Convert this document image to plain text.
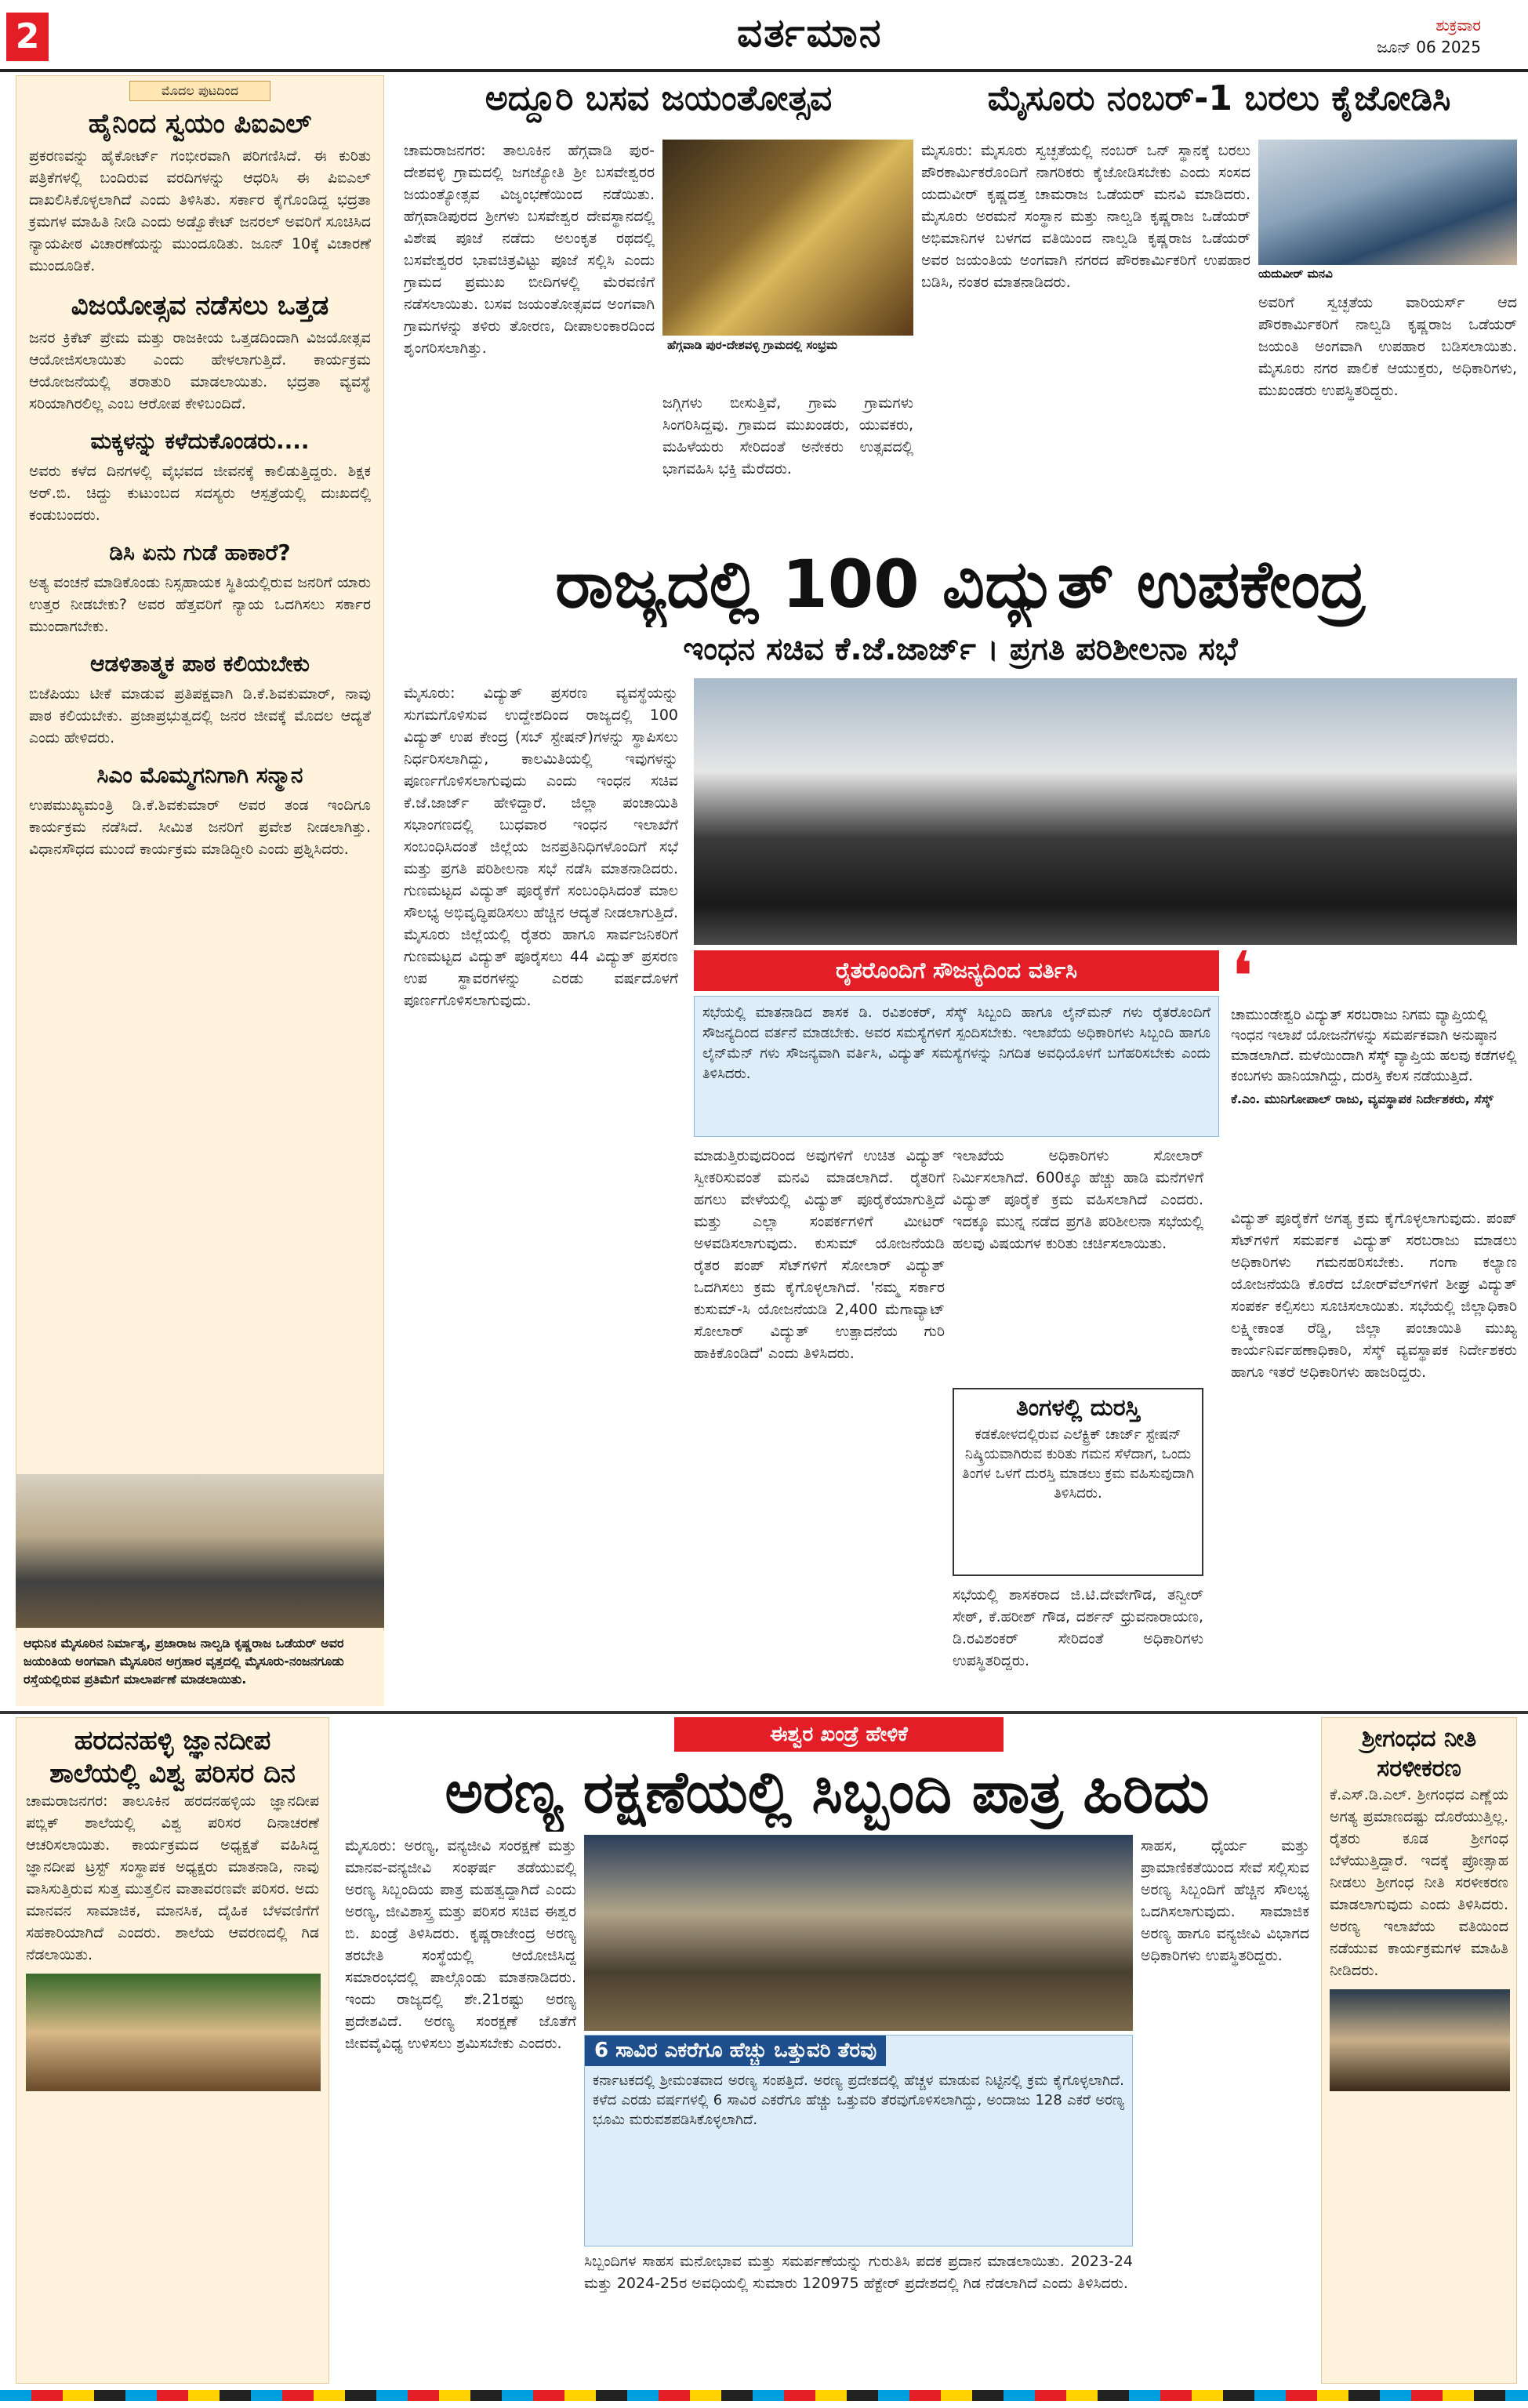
2	ವರ್ತಮಾನ	ಶುಕ್ರವಾರ
ಜೂನ್ 06 2025
ಮೊದಲ ಪುಟದಿಂದ
ಹೈನಿಂದ ಸ್ವಯಂ ಪಿಐಎಲ್

ಪ್ರಕರಣವನ್ನು ಹೈಕೋರ್ಟ್ ಗಂಭೀರವಾಗಿ ಪರಿಗಣಿಸಿದೆ. ಈ ಕುರಿತು ಪತ್ರಿಕೆಗಳಲ್ಲಿ ಬಂದಿರುವ ವರದಿಗಳನ್ನು ಆಧರಿಸಿ ಈ ಪಿಐಎಲ್ ದಾಖಲಿಸಿಕೊಳ್ಳಲಾಗಿದೆ ಎಂದು ತಿಳಿಸಿತು. ಸರ್ಕಾರ ಕೈಗೊಂಡಿದ್ದ ಭದ್ರತಾ ಕ್ರಮಗಳ ಮಾಹಿತಿ ನೀಡಿ ಎಂದು ಅಡ್ವೊಕೇಟ್ ಜನರಲ್ ಅವರಿಗೆ ಸೂಚಿಸಿದ ನ್ಯಾಯಪೀಠ ವಿಚಾರಣೆಯನ್ನು ಮುಂದೂಡಿತು. ಜೂನ್ 10ಕ್ಕೆ ವಿಚಾರಣೆ ಮುಂದೂಡಿಕೆ.

ವಿಜಯೋತ್ಸವ ನಡೆಸಲು ಒತ್ತಡ

ಜನರ ಕ್ರಿಕೆಟ್‌ ಪ್ರೇಮ ಮತ್ತು ರಾಜಕೀಯ ಒತ್ತಡದಿಂದಾಗಿ ವಿಜಯೋತ್ಸವ ಆಯೋಜಿಸಲಾಯಿತು ಎಂದು ಹೇಳಲಾಗುತ್ತಿದೆ. ಕಾರ್ಯಕ್ರಮ ಆಯೋಜನೆಯಲ್ಲಿ ತರಾತುರಿ ಮಾಡಲಾಯಿತು. ಭದ್ರತಾ ವ್ಯವಸ್ಥೆ ಸರಿಯಾಗಿರಲಿಲ್ಲ ಎಂಬ ಆರೋಪ ಕೇಳಿಬಂದಿದೆ.

ಮಕ್ಕಳನ್ನು ಕಳೆದುಕೊಂಡರು....

ಅವರು ಕಳೆದ ದಿನಗಳಲ್ಲಿ ವೈಭವದ ಜೀವನಕ್ಕೆ ಕಾಲಿಡುತ್ತಿದ್ದರು. ಶಿಕ್ಷಕ ಅರ್.ಬಿ. ಚಿದ್ದು ಕುಟುಂಬದ ಸದಸ್ಯರು ಆಸ್ಪತ್ರೆಯಲ್ಲಿ ದುಃಖದಲ್ಲಿ ಕಂಡುಬಂದರು.

ಡಿಸಿ ಏನು ಗುಡೆ ಹಾಕಾರೆ?

ಅತ್ಯ ವಂಚನೆ ಮಾಡಿಕೊಂಡು ನಿಸ್ಸಹಾಯಕ ಸ್ಥಿತಿಯಲ್ಲಿರುವ ಜನರಿಗೆ ಯಾರು ಉತ್ತರ ನೀಡಬೇಕು? ಅವರ ಹೆತ್ತವರಿಗೆ ನ್ಯಾಯ ಒದಗಿಸಲು ಸರ್ಕಾರ ಮುಂದಾಗಬೇಕು.

ಆಡಳಿತಾತ್ಮಕ ಪಾಠ ಕಲಿಯಬೇಕು

ಬಿಜೆಪಿಯು ಟೀಕೆ ಮಾಡುವ ಪ್ರತಿಪಕ್ಷವಾಗಿ ಡಿ.ಕೆ.ಶಿವಕುಮಾರ್, ನಾವು ಪಾಠ ಕಲಿಯಬೇಕು. ಪ್ರಜಾಪ್ರಭುತ್ವದಲ್ಲಿ ಜನರ ಜೀವಕ್ಕೆ ಮೊದಲ ಆದ್ಯತೆ ಎಂದು ಹೇಳಿದರು.

ಸಿಎಂ ಮೊಮ್ಮಗನಿಗಾಗಿ ಸನ್ಮಾನ

ಉಪಮುಖ್ಯಮಂತ್ರಿ ಡಿ.ಕೆ.ಶಿವಕುಮಾರ್ ಅವರ ತಂಡ ಇಂದಿಗೂ ಕಾರ್ಯಕ್ರಮ ನಡೆಸಿದೆ. ಸೀಮಿತ ಜನರಿಗೆ ಪ್ರವೇಶ ನೀಡಲಾಗಿತ್ತು. ವಿಧಾನಸೌಧದ ಮುಂದೆ ಕಾರ್ಯಕ್ರಮ ಮಾಡಿದ್ದೀರಿ ಎಂದು ಪ್ರಶ್ನಿಸಿದರು.

ಆಧುನಿಕ ಮೈಸೂರಿನ ನಿರ್ಮಾತೃ, ಪ್ರಜಾರಾಜ ನಾಲ್ವಡಿ ಕೃಷ್ಣರಾಜ ಒಡೆಯರ್ ಅವರ ಜಯಂತಿಯ ಅಂಗವಾಗಿ ಮೈಸೂರಿನ ಅಗ್ರಹಾರ ವೃತ್ತದಲ್ಲಿ ಮೈಸೂರು-ನಂಜನಗೂಡು ರಸ್ತೆಯಲ್ಲಿರುವ ಪ್ರತಿಮೆಗೆ ಮಾಲಾರ್ಪಣೆ ಮಾಡಲಾಯಿತು.
ಅದ್ದೂರಿ ಬಸವ ಜಯಂತೋತ್ಸವ
ಚಾಮರಾಜನಗರ: ತಾಲೂಕಿನ ಹೆಗ್ಗವಾಡಿ ಪುರ-ದೇಶವಳ್ಳಿ ಗ್ರಾಮದಲ್ಲಿ ಜಗಜ್ಯೋತಿ ಶ್ರೀ ಬಸವೇಶ್ವರರ ಜಯಂತ್ಯೋತ್ಸವ ವಿಜೃಂಭಣೆಯಿಂದ ನಡೆಯಿತು. ಹೆಗ್ಗವಾಡಿಪುರದ ಶ್ರೀಗಳು ಬಸವೇಶ್ವರ ದೇವಸ್ಥಾನದಲ್ಲಿ ವಿಶೇಷ ಪೂಜೆ ನಡೆದು ಅಲಂಕೃತ ರಥದಲ್ಲಿ ಬಸವೇಶ್ವರರ ಭಾವಚಿತ್ರವಿಟ್ಟು ಪೂಜೆ ಸಲ್ಲಿಸಿ ಎಂದು ಗ್ರಾಮದ ಪ್ರಮುಖ ಬೀದಿಗಳಲ್ಲಿ ಮೆರವಣಿಗೆ ನಡೆಸಲಾಯಿತು. ಬಸವ ಜಯಂತೋತ್ಸವದ ಅಂಗವಾಗಿ ಗ್ರಾಮಗಳನ್ನು ತಳಿರು ತೋರಣ, ದೀಪಾಲಂಕಾರದಿಂದ ಶೃಂಗರಿಸಲಾಗಿತ್ತು.	ಹೆಗ್ಗವಾಡಿ ಪುರ-ದೇಶವಳ್ಳಿ ಗ್ರಾಮದಲ್ಲಿ ಸಂಭ್ರಮ
ಜಗ್ಗಿಗಳು ಬೀಸುತ್ತಿವೆ, ಗ್ರಾಮ ಗ್ರಾಮಗಳು ಸಿಂಗರಿಸಿದ್ದವು. ಗ್ರಾಮದ ಮುಖಂಡರು, ಯುವಕರು, ಮಹಿಳೆಯರು ಸೇರಿದಂತೆ ಅನೇಕರು ಉತ್ಸವದಲ್ಲಿ ಭಾಗವಹಿಸಿ ಭಕ್ತಿ ಮೆರೆದರು.
ಮೈಸೂರು ನಂಬರ್-1 ಬರಲು ಕೈಜೋಡಿಸಿ
ಮೈಸೂರು: ಮೈಸೂರು ಸ್ವಚ್ಛತೆಯಲ್ಲಿ ನಂಬರ್ ಒನ್ ಸ್ಥಾನಕ್ಕೆ ಬರಲು ಪೌರಕಾರ್ಮಿಕರೊಂದಿಗೆ ನಾಗರಿಕರು ಕೈಜೋಡಿಸಬೇಕು ಎಂದು ಸಂಸದ ಯದುವೀರ್ ಕೃಷ್ಣದತ್ತ ಚಾಮರಾಜ ಒಡೆಯರ್ ಮನವಿ ಮಾಡಿದರು. ಮೈಸೂರು ಅರಮನೆ ಸಂಸ್ಥಾನ ಮತ್ತು ನಾಲ್ವಡಿ ಕೃಷ್ಣರಾಜ ಒಡೆಯರ್ ಅಭಿಮಾನಿಗಳ ಬಳಗದ ವತಿಯಿಂದ ನಾಲ್ವಡಿ ಕೃಷ್ಣರಾಜ ಒಡೆಯರ್ ಅವರ ಜಯಂತಿಯ ಅಂಗವಾಗಿ ನಗರದ ಪೌರಕಾರ್ಮಿಕರಿಗೆ ಉಪಹಾರ ಬಡಿಸಿ, ನಂತರ ಮಾತನಾಡಿದರು.	ಯದುವೀರ್ ಮನವಿ
ಅವರಿಗೆ ಸ್ವಚ್ಛತೆಯ ವಾರಿಯರ್ಸ್ ಆದ ಪೌರಕಾರ್ಮಿಕರಿಗೆ ನಾಲ್ವಡಿ ಕೃಷ್ಣರಾಜ ಒಡೆಯರ್ ಜಯಂತಿ ಅಂಗವಾಗಿ ಉಪಹಾರ ಬಡಿಸಲಾಯಿತು. ಮೈಸೂರು ನಗರ ಪಾಲಿಕೆ ಆಯುಕ್ತರು, ಅಧಿಕಾರಿಗಳು, ಮುಖಂಡರು ಉಪಸ್ಥಿತರಿದ್ದರು.
ರಾಜ್ಯದಲ್ಲಿ 100 ವಿದ್ಯುತ್ ಉಪಕೇಂದ್ರ
ಇಂಧನ ಸಚಿವ ಕೆ.ಜೆ.ಜಾರ್ಜ್ । ಪ್ರಗತಿ ಪರಿಶೀಲನಾ ಸಭೆ
ಮೈಸೂರು: ವಿದ್ಯುತ್ ಪ್ರಸರಣ ವ್ಯವಸ್ಥೆಯನ್ನು ಸುಗಮಗೊಳಿಸುವ ಉದ್ದೇಶದಿಂದ ರಾಜ್ಯದಲ್ಲಿ 100 ವಿದ್ಯುತ್ ಉಪ ಕೇಂದ್ರ (ಸಬ್ ಸ್ಟೇಷನ್)ಗಳನ್ನು ಸ್ಥಾಪಿಸಲು ನಿರ್ಧರಿಸಲಾಗಿದ್ದು, ಕಾಲಮಿತಿಯಲ್ಲಿ ಇವುಗಳನ್ನು ಪೂರ್ಣಗೊಳಿಸಲಾಗುವುದು ಎಂದು ಇಂಧನ ಸಚಿವ ಕೆ.ಜೆ.ಜಾರ್ಜ್ ಹೇಳಿದ್ದಾರೆ. ಜಿಲ್ಲಾ ಪಂಚಾಯಿತಿ ಸಭಾಂಗಣದಲ್ಲಿ ಬುಧವಾರ ಇಂಧನ ಇಲಾಖೆಗೆ ಸಂಬಂಧಿಸಿದಂತೆ ಜಿಲ್ಲೆಯ ಜನಪ್ರತಿನಿಧಿಗಳೊಂದಿಗೆ ಸಭೆ ಮತ್ತು ಪ್ರಗತಿ ಪರಿಶೀಲನಾ ಸಭೆ ನಡೆಸಿ ಮಾತನಾಡಿದರು. ಗುಣಮಟ್ಟದ ವಿದ್ಯುತ್ ಪೂರೈಕೆಗೆ ಸಂಬಂಧಿಸಿದಂತೆ ಮಾಲ ಸೌಲಭ್ಯ ಅಭಿವೃದ್ಧಿಪಡಿಸಲು ಹೆಚ್ಚಿನ ಆದ್ಯತೆ ನೀಡಲಾಗುತ್ತಿದೆ. ಮೈಸೂರು ಜಿಲ್ಲೆಯಲ್ಲಿ ರೈತರು ಹಾಗೂ ಸಾರ್ವಜನಿಕರಿಗೆ ಗುಣಮಟ್ಟದ ವಿದ್ಯುತ್ ಪೂರೈಸಲು 44 ವಿದ್ಯುತ್ ಪ್ರಸರಣ ಉಪ ಸ್ಥಾವರಗಳನ್ನು ಎರಡು ವರ್ಷದೊಳಗೆ ಪೂರ್ಣಗೊಳಿಸಲಾಗುವುದು.
ರೈತರೊಂದಿಗೆ ಸೌಜನ್ಯದಿಂದ ವರ್ತಿಸಿ

ಸಭೆಯಲ್ಲಿ ಮಾತನಾಡಿದ ಶಾಸಕ ಡಿ. ರವಿಶಂಕರ್, ಸೆಸ್ಕ್ ಸಿಬ್ಬಂದಿ ಹಾಗೂ ಲೈನ್‌ಮನ್ ಗಳು ರೈತರೊಂದಿಗೆ ಸೌಜನ್ಯದಿಂದ ವರ್ತನೆ ಮಾಡಬೇಕು. ಅವರ ಸಮಸ್ಯೆಗಳಿಗೆ ಸ್ಪಂದಿಸಬೇಕು. ಇಲಾಖೆಯ ಅಧಿಕಾರಿಗಳು ಸಿಬ್ಬಂದಿ ಹಾಗೂ ಲೈನ್‌ಮೆನ್ ಗಳು ಸೌಜನ್ಯವಾಗಿ ವರ್ತಿಸಿ, ವಿದ್ಯುತ್ ಸಮಸ್ಯೆಗಳನ್ನು ನಿಗದಿತ ಅವಧಿಯೊಳಗೆ ಬಗೆಹರಿಸಬೇಕು ಎಂದು ತಿಳಿಸಿದರು.

❛

ಚಾಮುಂಡೇಶ್ವರಿ ವಿದ್ಯುತ್ ಸರಬರಾಜು ನಿಗಮ ವ್ಯಾಪ್ತಿಯಲ್ಲಿ ಇಂಧನ ಇಲಾಖೆ ಯೋಜನೆಗಳನ್ನು ಸಮರ್ಪಕವಾಗಿ ಅನುಷ್ಠಾನ ಮಾಡಲಾಗಿದೆ. ಮಳೆಯಿಂದಾಗಿ ಸೆಸ್ಕ್ ವ್ಯಾಪ್ತಿಯ ಹಲವು ಕಡೆಗಳಲ್ಲಿ ಕಂಬಗಳು ಹಾನಿಯಾಗಿದ್ದು, ದುರಸ್ತಿ ಕೆಲಸ ನಡೆಯುತ್ತಿದೆ.

ಕೆ.ಎಂ. ಮುನಿಗೋಪಾಲ್ ರಾಜು, ವ್ಯವಸ್ಥಾಪಕ ನಿರ್ದೇಶಕರು, ಸೆಸ್ಕ್

ಮಾಡುತ್ತಿರುವುದರಿಂದ ಅವುಗಳಿಗೆ ಉಚಿತ ವಿದ್ಯುತ್ ಸ್ವೀಕರಿಸುವಂತೆ ಮನವಿ ಮಾಡಲಾಗಿದೆ. ರೈತರಿಗೆ ಹಗಲು ವೇಳೆಯಲ್ಲಿ ವಿದ್ಯುತ್ ಪೂರೈಕೆಯಾಗುತ್ತಿದೆ ಮತ್ತು ಎಲ್ಲಾ ಸಂಪರ್ಕಗಳಿಗೆ ಮೀಟರ್ ಅಳವಡಿಸಲಾಗುವುದು. ಕುಸುಮ್ ಯೋಜನೆಯಡಿ ರೈತರ ಪಂಪ್ ಸೆಟ್‌ಗಳಿಗೆ ಸೋಲಾರ್ ವಿದ್ಯುತ್ ಒದಗಿಸಲು ಕ್ರಮ ಕೈಗೊಳ್ಳಲಾಗಿದೆ. 'ನಮ್ಮ ಸರ್ಕಾರ ಕುಸುಮ್-ಸಿ ಯೋಜನೆಯಡಿ 2,400 ಮೆಗಾವ್ಯಾಟ್ ಸೋಲಾರ್ ವಿದ್ಯುತ್ ಉತ್ಪಾದನೆಯ ಗುರಿ ಹಾಕಿಕೊಂಡಿದೆ' ಎಂದು ತಿಳಿಸಿದರು.
ಇಲಾಖೆಯ ಅಧಿಕಾರಿಗಳು ಸೋಲಾರ್ ನಿರ್ಮಿಸಲಾಗಿದೆ. 600ಕ್ಕೂ ಹೆಚ್ಚು ಹಾಡಿ ಮನೆಗಳಿಗೆ ವಿದ್ಯುತ್ ಪೂರೈಕೆ ಕ್ರಮ ವಹಿಸಲಾಗಿದೆ ಎಂದರು. ಇದಕ್ಕೂ ಮುನ್ನ ನಡೆದ ಪ್ರಗತಿ ಪರಿಶೀಲನಾ ಸಭೆಯಲ್ಲಿ ಹಲವು ವಿಷಯಗಳ ಕುರಿತು ಚರ್ಚಿಸಲಾಯಿತು.
ತಿಂಗಳಲ್ಲಿ ದುರಸ್ತಿ

ಕಡಕೋಳದಲ್ಲಿರುವ ಎಲೆಕ್ಟ್ರಿಕ್ ಚಾರ್ಜ್ ಸ್ಟೇಷನ್ ನಿಷ್ಕ್ರಿಯವಾಗಿರುವ ಕುರಿತು ಗಮನ ಸೆಳೆದಾಗ, ಒಂದು ತಿಂಗಳ ಒಳಗೆ ದುರಸ್ತಿ ಮಾಡಲು ಕ್ರಮ ವಹಿಸುವುದಾಗಿ ತಿಳಿಸಿದರು.

ಸಭೆಯಲ್ಲಿ ಶಾಸಕರಾದ ಜಿ.ಟಿ.ದೇವೇಗೌಡ, ತನ್ವೀರ್ ಸೇಠ್, ಕೆ.ಹರೀಶ್ ಗೌಡ, ದರ್ಶನ್ ಧ್ರುವನಾರಾಯಣ, ಡಿ.ರವಿಶಂಕರ್ ಸೇರಿದಂತೆ ಅಧಿಕಾರಿಗಳು ಉಪಸ್ಥಿತರಿದ್ದರು.
ವಿದ್ಯುತ್ ಪೂರೈಕೆಗೆ ಅಗತ್ಯ ಕ್ರಮ ಕೈಗೊಳ್ಳಲಾಗುವುದು. ಪಂಪ್ ಸೆಟ್‌ಗಳಿಗೆ ಸಮರ್ಪಕ ವಿದ್ಯುತ್ ಸರಬರಾಜು ಮಾಡಲು ಅಧಿಕಾರಿಗಳು ಗಮನಹರಿಸಬೇಕು. ಗಂಗಾ ಕಲ್ಯಾಣ ಯೋಜನೆಯಡಿ ಕೊರೆದ ಬೋರ್‌ವೆಲ್‌ಗಳಿಗೆ ಶೀಘ್ರ ವಿದ್ಯುತ್ ಸಂಪರ್ಕ ಕಲ್ಪಿಸಲು ಸೂಚಿಸಲಾಯಿತು. ಸಭೆಯಲ್ಲಿ ಜಿಲ್ಲಾಧಿಕಾರಿ ಲಕ್ಷ್ಮೀಕಾಂತ ರೆಡ್ಡಿ, ಜಿಲ್ಲಾ ಪಂಚಾಯಿತಿ ಮುಖ್ಯ ಕಾರ್ಯನಿರ್ವಹಣಾಧಿಕಾರಿ, ಸೆಸ್ಕ್ ವ್ಯವಸ್ಥಾಪಕ ನಿರ್ದೇಶಕರು ಹಾಗೂ ಇತರೆ ಅಧಿಕಾರಿಗಳು ಹಾಜರಿದ್ದರು.
ಹರದನಹಳ್ಳಿ ಜ್ಞಾನದೀಪ ಶಾಲೆಯಲ್ಲಿ ವಿಶ್ವ ಪರಿಸರ ದಿನ

ಚಾಮರಾಜನಗರ: ತಾಲೂಕಿನ ಹರದನಹಳ್ಳಿಯ ಜ್ಞಾನದೀಪ ಪಬ್ಲಿಕ್ ಶಾಲೆಯಲ್ಲಿ ವಿಶ್ವ ಪರಿಸರ ದಿನಾಚರಣೆ ಆಚರಿಸಲಾಯಿತು. ಕಾರ್ಯಕ್ರಮದ ಅಧ್ಯಕ್ಷತೆ ವಹಿಸಿದ್ದ ಜ್ಞಾನದೀಪ ಟ್ರಸ್ಟ್ ಸಂಸ್ಥಾಪಕ ಅಧ್ಯಕ್ಷರು ಮಾತನಾಡಿ, ನಾವು ವಾಸಿಸುತ್ತಿರುವ ಸುತ್ತ ಮುತ್ತಲಿನ ವಾತಾವರಣವೇ ಪರಿಸರ. ಅದು ಮಾನವನ ಸಾಮಾಜಿಕ, ಮಾನಸಿಕ, ದೈಹಿಕ ಬೆಳವಣಿಗೆಗೆ ಸಹಕಾರಿಯಾಗಿದೆ ಎಂದರು. ಶಾಲೆಯ ಆವರಣದಲ್ಲಿ ಗಿಡ ನೆಡಲಾಯಿತು.

ಈಶ್ವರ ಖಂಡ್ರೆ ಹೇಳಿಕೆ
ಅರಣ್ಯ ರಕ್ಷಣೆಯಲ್ಲಿ ಸಿಬ್ಬಂದಿ ಪಾತ್ರ ಹಿರಿದು
ಮೈಸೂರು: ಅರಣ್ಯ, ವನ್ಯಜೀವಿ ಸಂರಕ್ಷಣೆ ಮತ್ತು ಮಾನವ-ವನ್ಯಜೀವಿ ಸಂಘರ್ಷ ತಡೆಯುವಲ್ಲಿ ಅರಣ್ಯ ಸಿಬ್ಬಂದಿಯ ಪಾತ್ರ ಮಹತ್ವದ್ದಾಗಿದೆ ಎಂದು ಅರಣ್ಯ, ಜೀವಿಶಾಸ್ತ್ರ ಮತ್ತು ಪರಿಸರ ಸಚಿವ ಈಶ್ವರ ಬಿ. ಖಂಡ್ರೆ ತಿಳಿಸಿದರು. ಕೃಷ್ಣರಾಜೇಂದ್ರ ಅರಣ್ಯ ತರಬೇತಿ ಸಂಸ್ಥೆಯಲ್ಲಿ ಆಯೋಜಿಸಿದ್ದ ಸಮಾರಂಭದಲ್ಲಿ ಪಾಲ್ಗೊಂಡು ಮಾತನಾಡಿದರು. ಇಂದು ರಾಜ್ಯದಲ್ಲಿ ಶೇ.21ರಷ್ಟು ಅರಣ್ಯ ಪ್ರದೇಶವಿದೆ. ಅರಣ್ಯ ಸಂರಕ್ಷಣೆ ಜೊತೆಗೆ ಜೀವವೈವಿಧ್ಯ ಉಳಿಸಲು ಶ್ರಮಿಸಬೇಕು ಎಂದರು.	6 ಸಾವಿರ ಎಕರೆಗೂ ಹೆಚ್ಚು ಒತ್ತುವರಿ ತೆರವು

ಕರ್ನಾಟಕದಲ್ಲಿ ಶ್ರೀಮಂತವಾದ ಅರಣ್ಯ ಸಂಪತ್ತಿದೆ. ಅರಣ್ಯ ಪ್ರದೇಶದಲ್ಲಿ ಹೆಚ್ಚಳ ಮಾಡುವ ನಿಟ್ಟಿನಲ್ಲಿ ಕ್ರಮ ಕೈಗೊಳ್ಳಲಾಗಿದೆ. ಕಳೆದ ಎರಡು ವರ್ಷಗಳಲ್ಲಿ 6 ಸಾವಿರ ಎಕರೆಗೂ ಹೆಚ್ಚು ಒತ್ತುವರಿ ತೆರವುಗೊಳಿಸಲಾಗಿದ್ದು, ಅಂದಾಜು 128 ಎಕರೆ ಅರಣ್ಯ ಭೂಮಿ ಮರುವಶಪಡಿಸಿಕೊಳ್ಳಲಾಗಿದೆ.

ಸಾಹಸ, ಧೈರ್ಯ ಮತ್ತು ಪ್ರಾಮಾಣಿಕತೆಯಿಂದ ಸೇವೆ ಸಲ್ಲಿಸುವ ಅರಣ್ಯ ಸಿಬ್ಬಂದಿಗೆ ಹೆಚ್ಚಿನ ಸೌಲಭ್ಯ ಒದಗಿಸಲಾಗುವುದು. ಸಾಮಾಜಿಕ ಅರಣ್ಯ ಹಾಗೂ ವನ್ಯಜೀವಿ ವಿಭಾಗದ ಅಧಿಕಾರಿಗಳು ಉಪಸ್ಥಿತರಿದ್ದರು.
ಸಿಬ್ಬಂದಿಗಳ ಸಾಹಸ ಮನೋಭಾವ ಮತ್ತು ಸಮರ್ಪಣೆಯನ್ನು ಗುರುತಿಸಿ ಪದಕ ಪ್ರದಾನ ಮಾಡಲಾಯಿತು. 2023-24 ಮತ್ತು 2024-25ರ ಅವಧಿಯಲ್ಲಿ ಸುಮಾರು 120975 ಹೆಕ್ಟೇರ್ ಪ್ರದೇಶದಲ್ಲಿ ಗಿಡ ನೆಡಲಾಗಿದೆ ಎಂದು ತಿಳಿಸಿದರು.
ಶ್ರೀಗಂಧದ ನೀತಿ ಸರಳೀಕರಣ

ಕೆ.ಎಸ್.ಡಿ.ಎಲ್. ಶ್ರೀಗಂಧದ ಎಣ್ಣೆಯ ಅಗತ್ಯ ಪ್ರಮಾಣದಷ್ಟು ದೊರೆಯುತ್ತಿಲ್ಲ. ರೈತರು ಕೂಡ ಶ್ರೀಗಂಧ ಬೆಳೆಯುತ್ತಿದ್ದಾರೆ. ಇದಕ್ಕೆ ಪ್ರೋತ್ಸಾಹ ನೀಡಲು ಶ್ರೀಗಂಧ ನೀತಿ ಸರಳೀಕರಣ ಮಾಡಲಾಗುವುದು ಎಂದು ತಿಳಿಸಿದರು. ಅರಣ್ಯ ಇಲಾಖೆಯ ವತಿಯಿಂದ ನಡೆಯುವ ಕಾರ್ಯಕ್ರಮಗಳ ಮಾಹಿತಿ ನೀಡಿದರು.
